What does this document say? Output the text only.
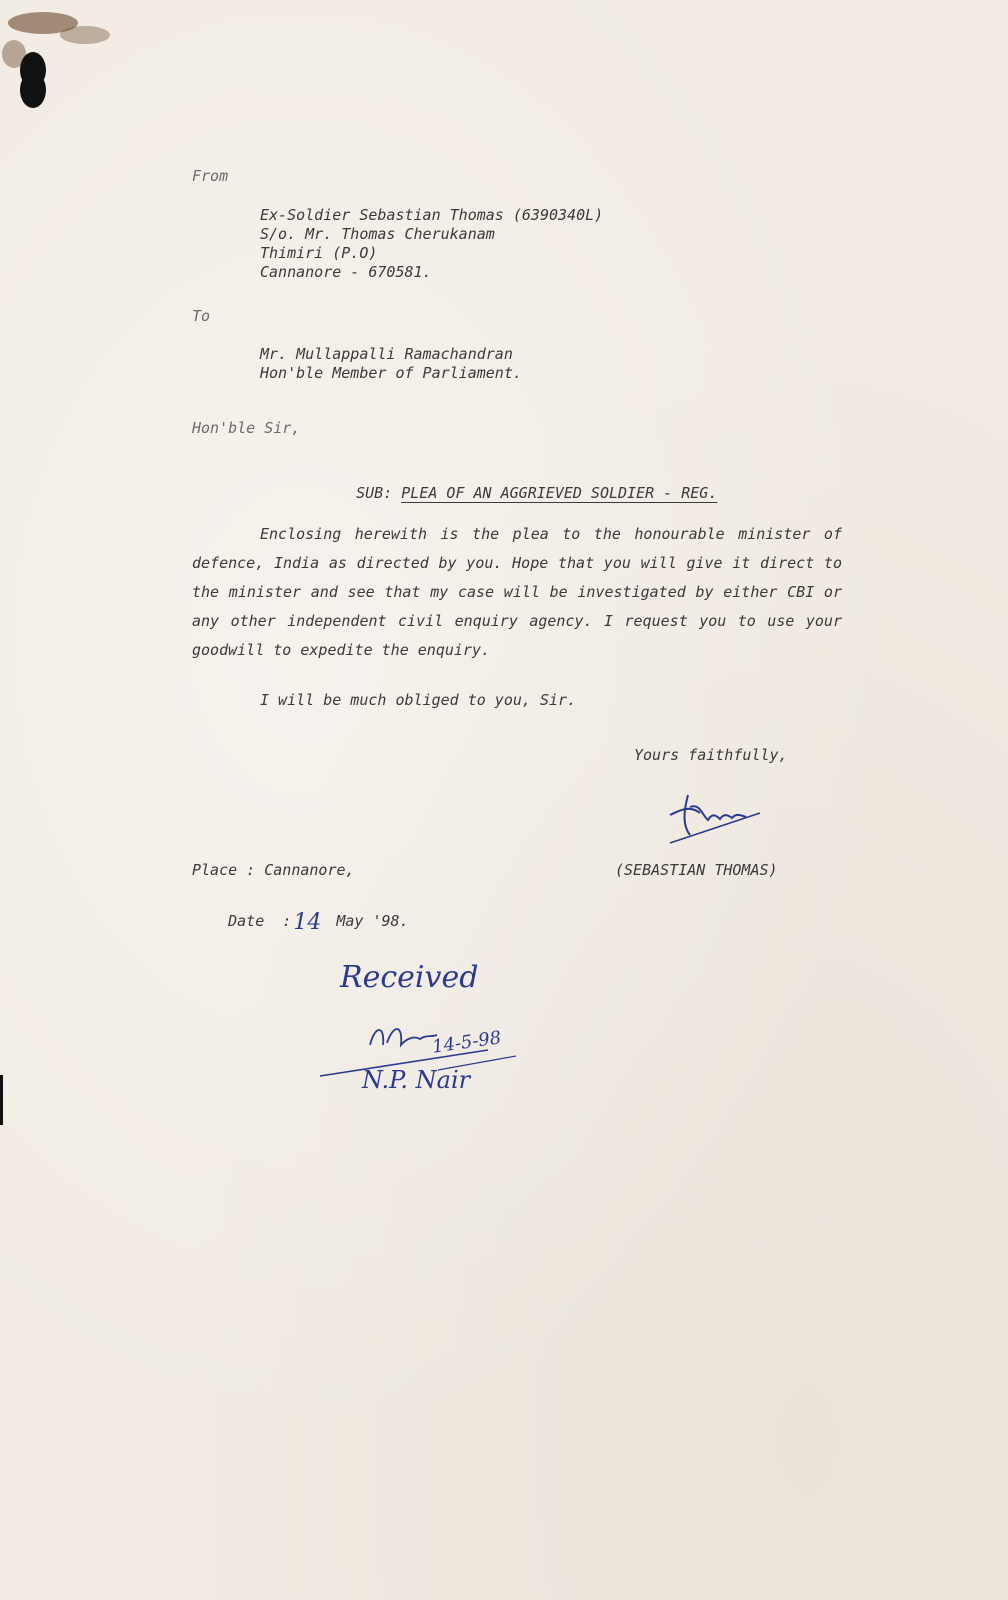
From
Ex-Soldier Sebastian Thomas (6390340L)
S/o. Mr. Thomas Cherukanam
Thimiri (P.O)
Cannanore - 670581.
To
Mr. Mullappalli Ramachandran
Hon'ble Member of Parliament.
Hon'ble Sir,

SUB: PLEA OF AN AGGRIEVED SOLDIER - REG.

Enclosing herewith is the plea to the honourable minister of defence, India as directed by you. Hope that you will give it direct to the minister and see that my case will be investigated by either CBI or any other independent civil enquiry agency. I request you to use your goodwill to expedite the enquiry.
I will be much obliged to you, Sir.
Yours faithfully,
(SEBASTIAN THOMAS)
Place : Cannanore,

Date  :14 May '98.

Received
14-5-98
N.P. Nair
